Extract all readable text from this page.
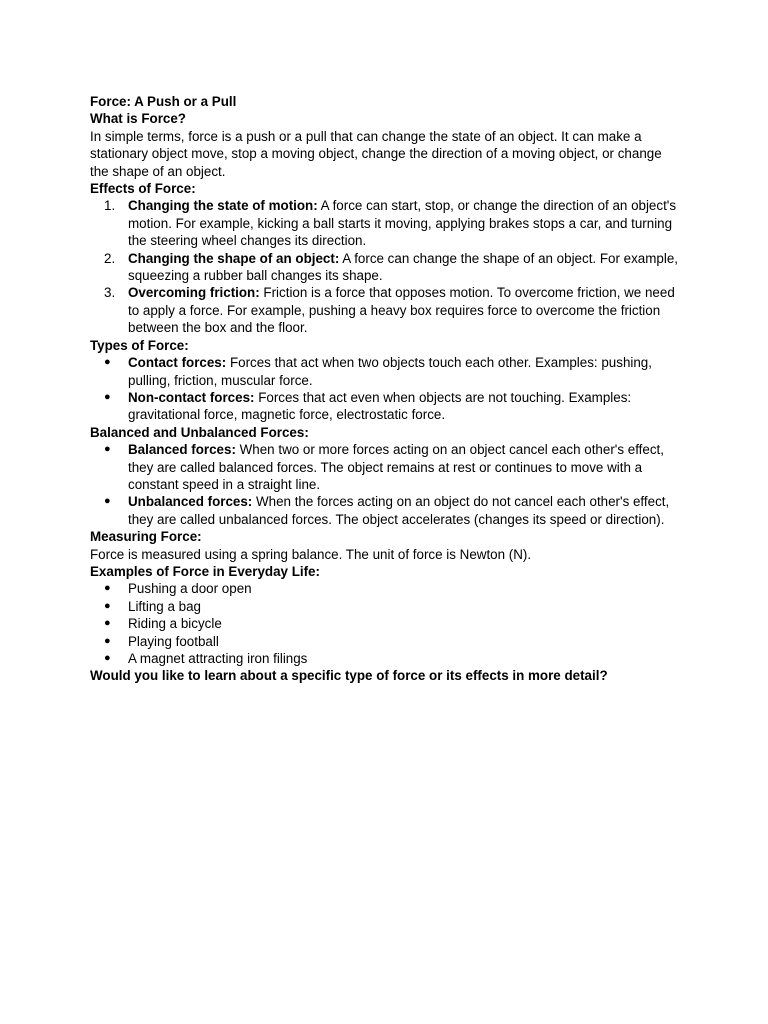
Force: A Push or a Pull

What is Force?

In simple terms, force is a push or a pull that can change the state of an object. It can make a stationary object move, stop a moving object, change the direction of a moving object, or change the shape of an object.

Effects of Force:

1. Changing the state of motion: A force can start, stop, or change the direction of an object's motion. For example, kicking a ball starts it moving, applying brakes stops a car, and turning the steering wheel changes its direction.
2. Changing the shape of an object: A force can change the shape of an object. For example, squeezing a rubber ball changes its shape.
3. Overcoming friction: Friction is a force that opposes motion. To overcome friction, we need to apply a force. For example, pushing a heavy box requires force to overcome the friction between the box and the floor.

Types of Force:

● Contact forces: Forces that act when two objects touch each other. Examples: pushing, pulling, friction, muscular force.
● Non-contact forces: Forces that act even when objects are not touching. Examples: gravitational force, magnetic force, electrostatic force.

Balanced and Unbalanced Forces:

● Balanced forces: When two or more forces acting on an object cancel each other's effect, they are called balanced forces. The object remains at rest or continues to move with a constant speed in a straight line.
● Unbalanced forces: When the forces acting on an object do not cancel each other's effect, they are called unbalanced forces. The object accelerates (changes its speed or direction).

Measuring Force:

Force is measured using a spring balance. The unit of force is Newton (N).

Examples of Force in Everyday Life:

● Pushing a door open
● Lifting a bag
● Riding a bicycle
● Playing football
● A magnet attracting iron filings

Would you like to learn about a specific type of force or its effects in more detail?
